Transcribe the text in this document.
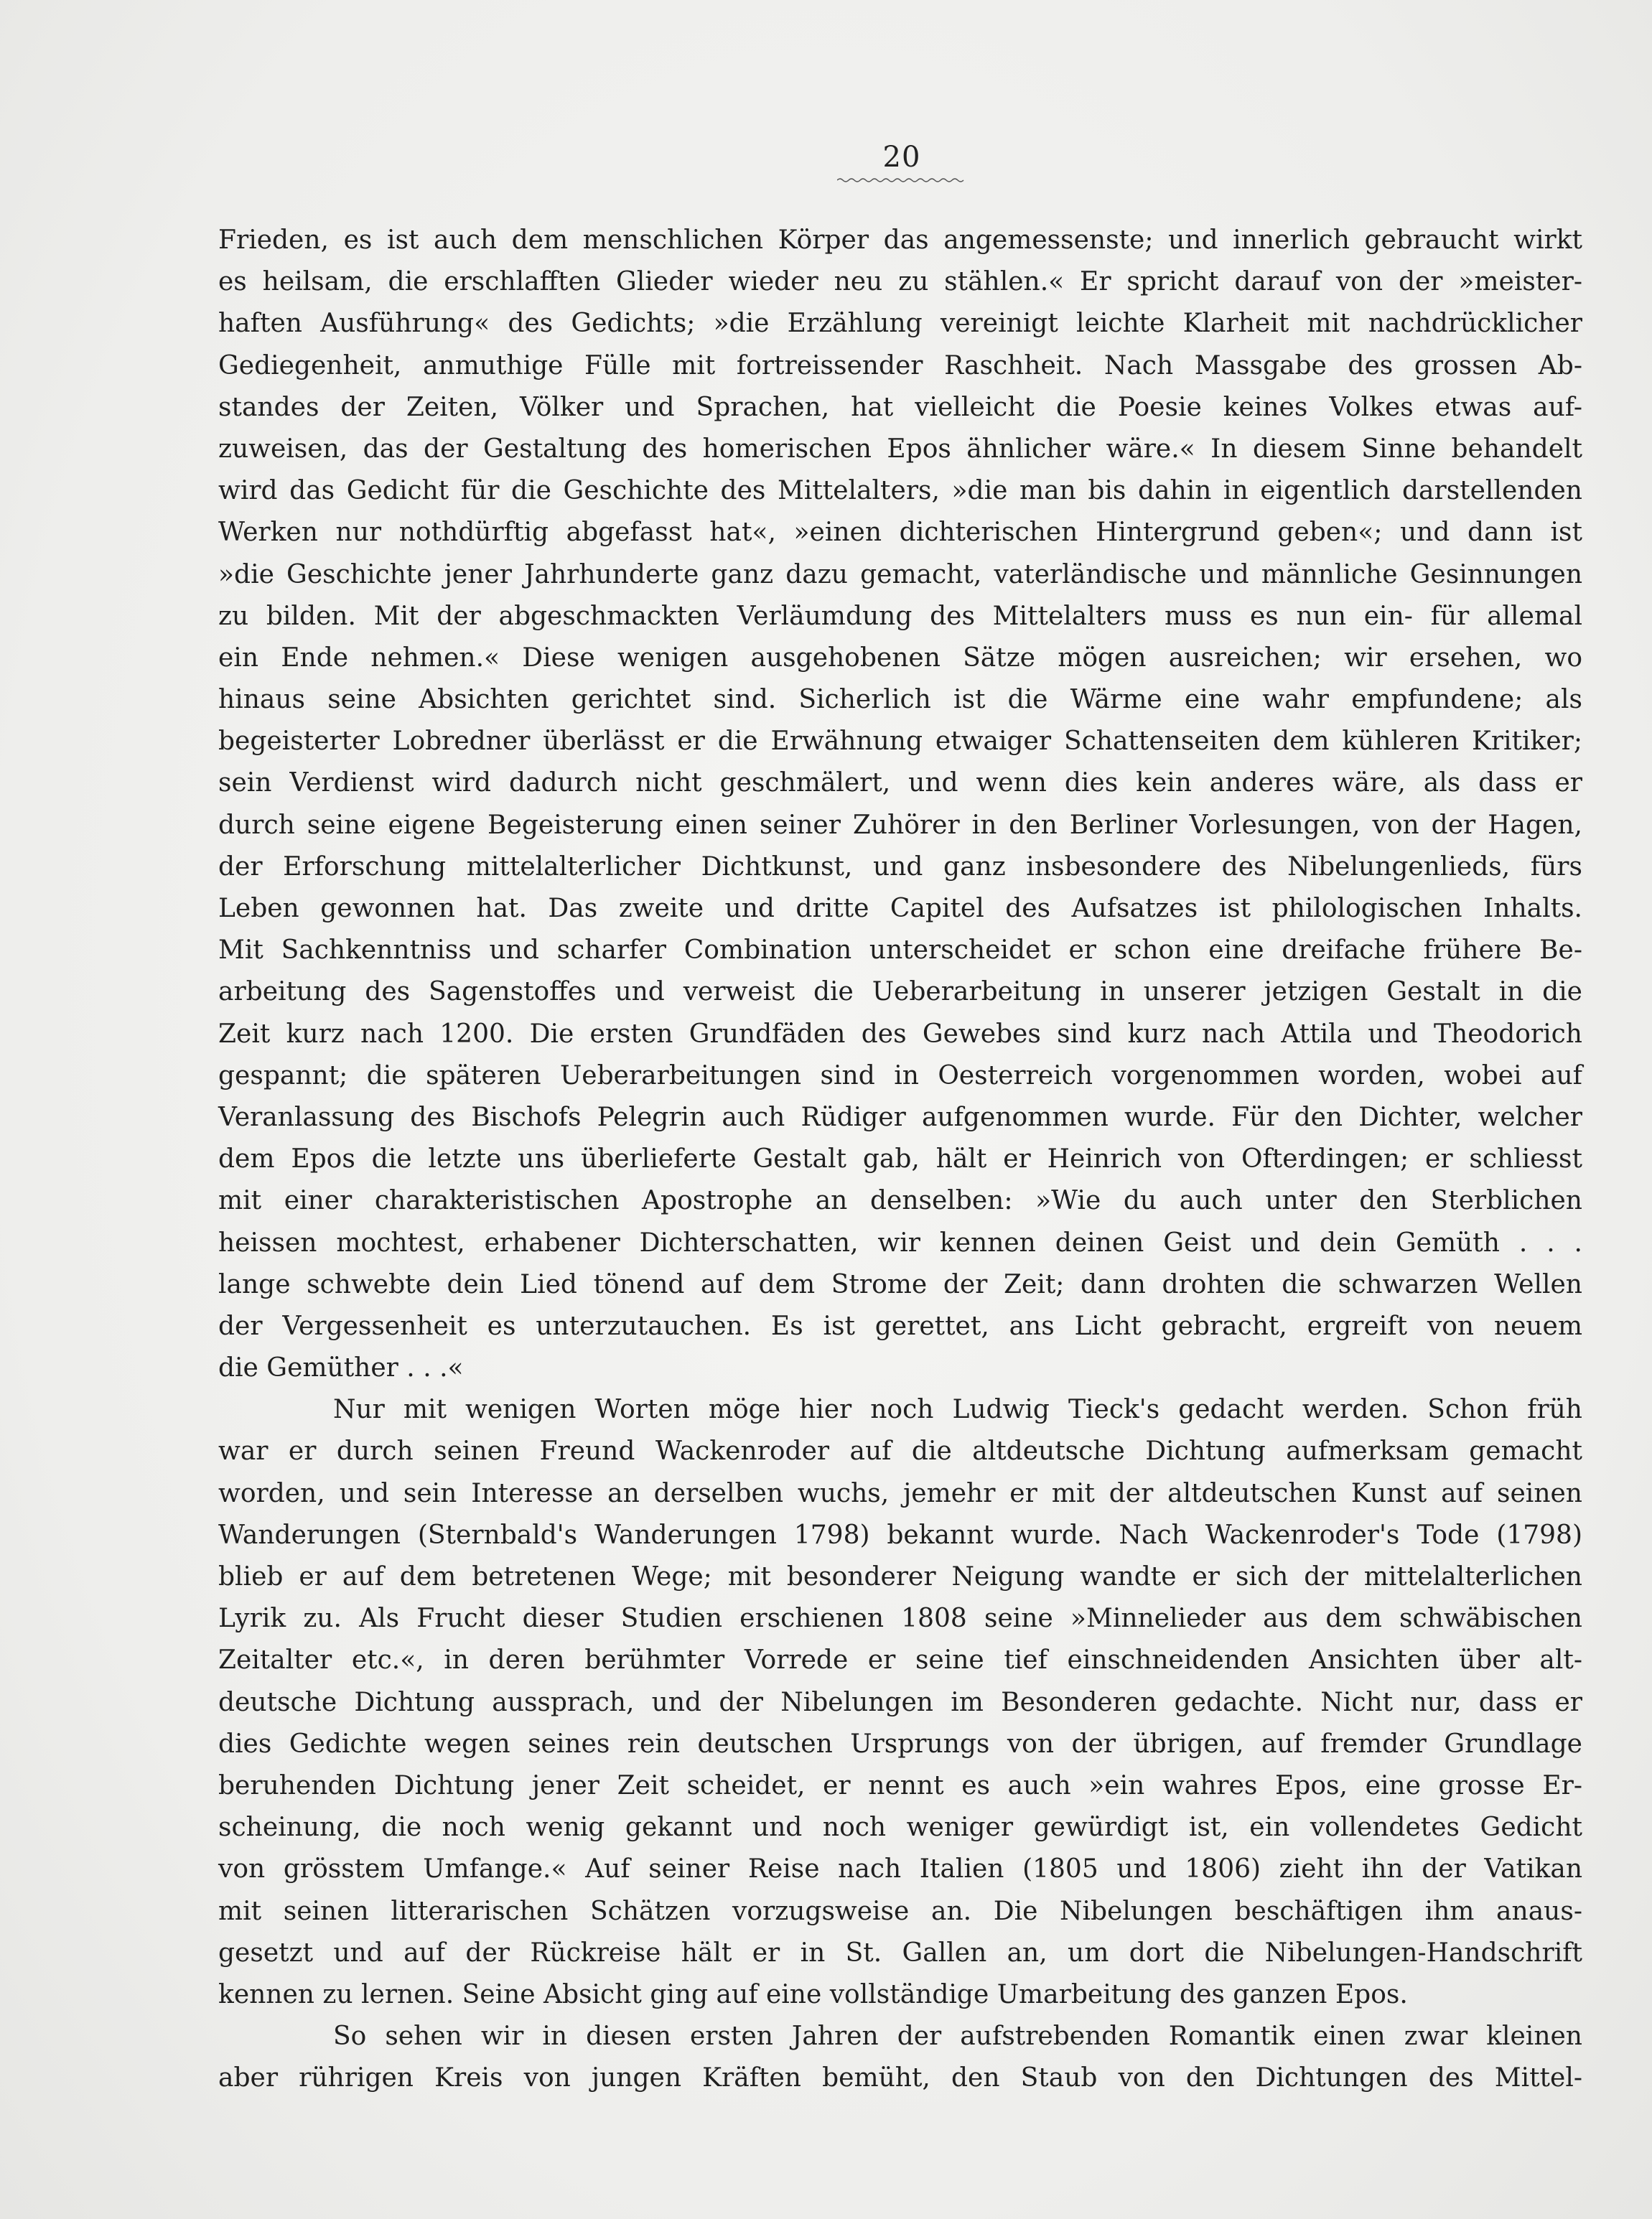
20
Frieden, es ist auch dem menschlichen Körper das angemessenste; und innerlich gebraucht wirkt
es heilsam, die erschlafften Glieder wieder neu zu stählen.« Er spricht darauf von der »meister-
haften Ausführung« des Gedichts; »die Erzählung vereinigt leichte Klarheit mit nachdrücklicher
Gediegenheit, anmuthige Fülle mit fortreissender Raschheit. Nach Massgabe des grossen Ab-
standes der Zeiten, Völker und Sprachen, hat vielleicht die Poesie keines Volkes etwas auf-
zuweisen, das der Gestaltung des homerischen Epos ähnlicher wäre.« In diesem Sinne behandelt
wird das Gedicht für die Geschichte des Mittelalters, »die man bis dahin in eigentlich darstellenden
Werken nur nothdürftig abgefasst hat«, »einen dichterischen Hintergrund geben«; und dann ist
»die Geschichte jener Jahrhunderte ganz dazu gemacht, vaterländische und männliche Gesinnungen
zu bilden. Mit der abgeschmackten Verläumdung des Mittelalters muss es nun ein- für allemal
ein Ende nehmen.« Diese wenigen ausgehobenen Sätze mögen ausreichen; wir ersehen, wo
hinaus seine Absichten gerichtet sind. Sicherlich ist die Wärme eine wahr empfundene; als
begeisterter Lobredner überlässt er die Erwähnung etwaiger Schattenseiten dem kühleren Kritiker;
sein Verdienst wird dadurch nicht geschmälert, und wenn dies kein anderes wäre, als dass er
durch seine eigene Begeisterung einen seiner Zuhörer in den Berliner Vorlesungen, von der Hagen,
der Erforschung mittelalterlicher Dichtkunst, und ganz insbesondere des Nibelungenlieds, fürs
Leben gewonnen hat. Das zweite und dritte Capitel des Aufsatzes ist philologischen Inhalts.
Mit Sachkenntniss und scharfer Combination unterscheidet er schon eine dreifache frühere Be-
arbeitung des Sagenstoffes und verweist die Ueberarbeitung in unserer jetzigen Gestalt in die
Zeit kurz nach 1200. Die ersten Grundfäden des Gewebes sind kurz nach Attila und Theodorich
gespannt; die späteren Ueberarbeitungen sind in Oesterreich vorgenommen worden, wobei auf
Veranlassung des Bischofs Pelegrin auch Rüdiger aufgenommen wurde. Für den Dichter, welcher
dem Epos die letzte uns überlieferte Gestalt gab, hält er Heinrich von Ofterdingen; er schliesst
mit einer charakteristischen Apostrophe an denselben: »Wie du auch unter den Sterblichen
heissen mochtest, erhabener Dichterschatten, wir kennen deinen Geist und dein Gemüth . . .
lange schwebte dein Lied tönend auf dem Strome der Zeit; dann drohten die schwarzen Wellen
der Vergessenheit es unterzutauchen. Es ist gerettet, ans Licht gebracht, ergreift von neuem
die Gemüther . . .«
Nur mit wenigen Worten möge hier noch Ludwig Tieck's gedacht werden. Schon früh
war er durch seinen Freund Wackenroder auf die altdeutsche Dichtung aufmerksam gemacht
worden, und sein Interesse an derselben wuchs, jemehr er mit der altdeutschen Kunst auf seinen
Wanderungen (Sternbald's Wanderungen 1798) bekannt wurde. Nach Wackenroder's Tode (1798)
blieb er auf dem betretenen Wege; mit besonderer Neigung wandte er sich der mittelalterlichen
Lyrik zu. Als Frucht dieser Studien erschienen 1808 seine »Minnelieder aus dem schwäbischen
Zeitalter etc.«, in deren berühmter Vorrede er seine tief einschneidenden Ansichten über alt-
deutsche Dichtung aussprach, und der Nibelungen im Besonderen gedachte. Nicht nur, dass er
dies Gedichte wegen seines rein deutschen Ursprungs von der übrigen, auf fremder Grundlage
beruhenden Dichtung jener Zeit scheidet, er nennt es auch »ein wahres Epos, eine grosse Er-
scheinung, die noch wenig gekannt und noch weniger gewürdigt ist, ein vollendetes Gedicht
von grösstem Umfange.« Auf seiner Reise nach Italien (1805 und 1806) zieht ihn der Vatikan
mit seinen litterarischen Schätzen vorzugsweise an. Die Nibelungen beschäftigen ihm anaus-
gesetzt und auf der Rückreise hält er in St. Gallen an, um dort die Nibelungen-Handschrift
kennen zu lernen. Seine Absicht ging auf eine vollständige Umarbeitung des ganzen Epos.
So sehen wir in diesen ersten Jahren der aufstrebenden Romantik einen zwar kleinen
aber rührigen Kreis von jungen Kräften bemüht, den Staub von den Dichtungen des Mittel-
